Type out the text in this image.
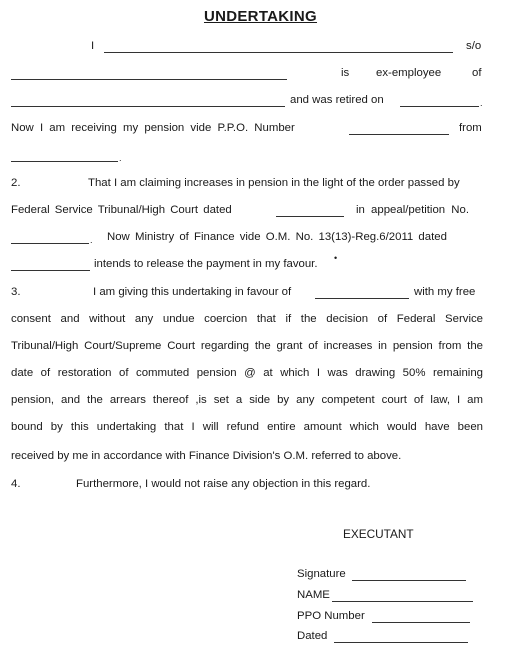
UNDERTAKING
I	s/o
is ex-employee	of
and was retired on	.
Now I am receiving my pension vide P.P.O. Number	from
.
2.	That I am claiming increases in pension in the light of the order passed by
Federal Service Tribunal/High Court dated	in appeal/petition No.
. Now Ministry of Finance vide O.M. No. 13(13)-Reg.6/2011 dated
intends to release the payment in my favour. •
3.	I am giving this undertaking in favour of	with my free
consent and without any undue coercion that if the decision of Federal Service
Tribunal/High Court/Supreme Court regarding the grant of increases in pension from the
date of restoration of commuted pension @ at which I was drawing 50% remaining
pension, and the arrears thereof ,is set a side by any competent court of law, I am
bound by this undertaking that I will refund entire amount which would have been
received by me in accordance with Finance Division's O.M. referred to above.
4.	Furthermore, I would not raise any objection in this regard.
EXECUTANT
Signature
NAME
PPO Number
Dated
